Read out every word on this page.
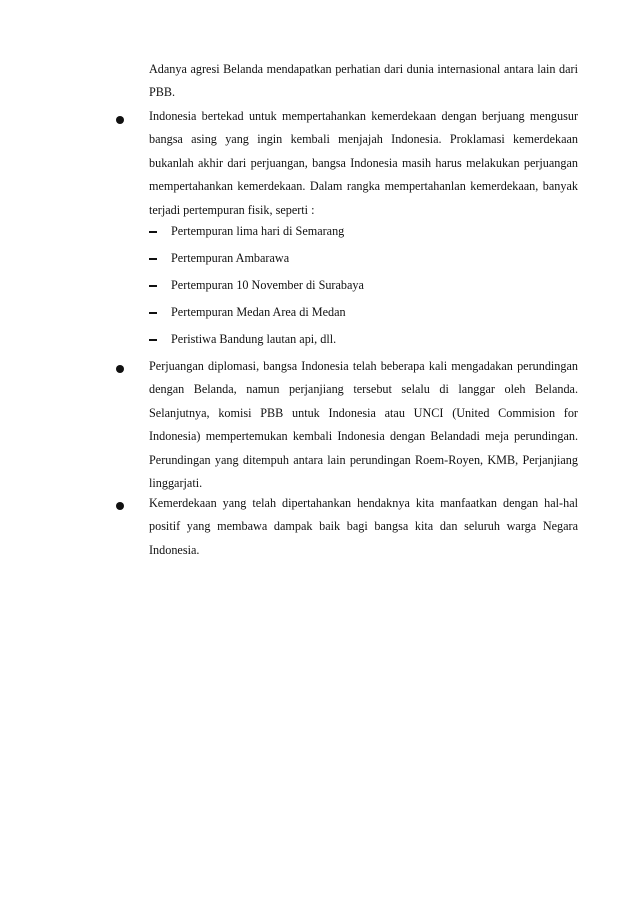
Adanya agresi Belanda mendapatkan perhatian dari dunia internasional antara lain dari PBB.

Indonesia bertekad untuk mempertahankan kemerdekaan dengan berjuang mengusur bangsa asing yang ingin kembali menjajah Indonesia. Proklamasi kemerdekaan bukanlah akhir dari perjuangan, bangsa Indonesia masih harus melakukan perjuangan mempertahankan kemerdekaan. Dalam rangka mempertahanlan kemerdekaan, banyak terjadi pertempuran fisik, seperti :

Pertempuran lima hari di Semarang

Pertempuran Ambarawa

Pertempuran 10 November di Surabaya

Pertempuran Medan Area di Medan

Peristiwa Bandung lautan api, dll.

Perjuangan diplomasi, bangsa Indonesia telah beberapa kali mengadakan perundingan dengan Belanda, namun perjanjiang tersebut selalu di langgar oleh Belanda. Selanjutnya, komisi PBB untuk Indonesia atau UNCI (United Commision for Indonesia) mempertemukan kembali Indonesia dengan Belandadi meja perundingan. Perundingan yang ditempuh antara lain perundingan Roem-Royen, KMB, Perjanjiang linggarjati.

Kemerdekaan yang telah dipertahankan hendaknya kita manfaatkan dengan hal-hal positif yang membawa dampak baik bagi bangsa kita dan seluruh warga Negara Indonesia.
